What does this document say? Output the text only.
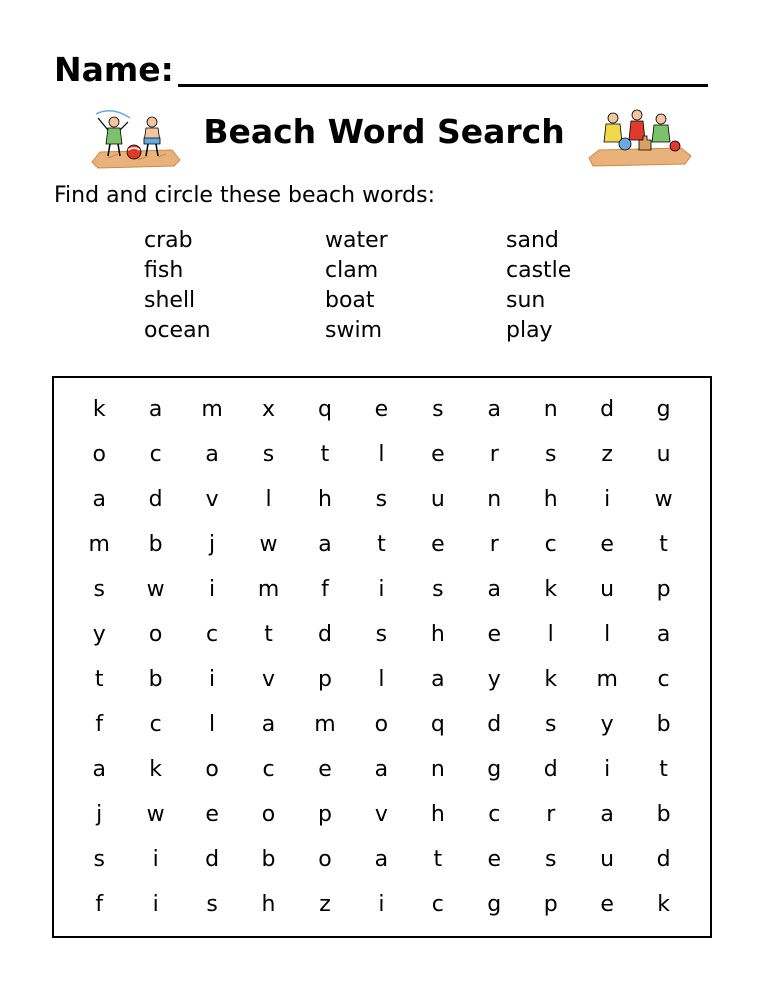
Name:
Beach Word Search
Find and circle these beach words:
crab
fish
shell
ocean
water
clam
boat
swim
sand
castle
sun
play
k	a	m	x	q	e	s	a	n	d	g
o	c	a	s	t	l	e	r	s	z	u
a	d	v	l	h	s	u	n	h	i	w
m	b	j	w	a	t	e	r	c	e	t
s	w	i	m	f	i	s	a	k	u	p
y	o	c	t	d	s	h	e	l	l	a
t	b	i	v	p	l	a	y	k	m	c
f	c	l	a	m	o	q	d	s	y	b
a	k	o	c	e	a	n	g	d	i	t
j	w	e	o	p	v	h	c	r	a	b
s	i	d	b	o	a	t	e	s	u	d
f	i	s	h	z	i	c	g	p	e	k
